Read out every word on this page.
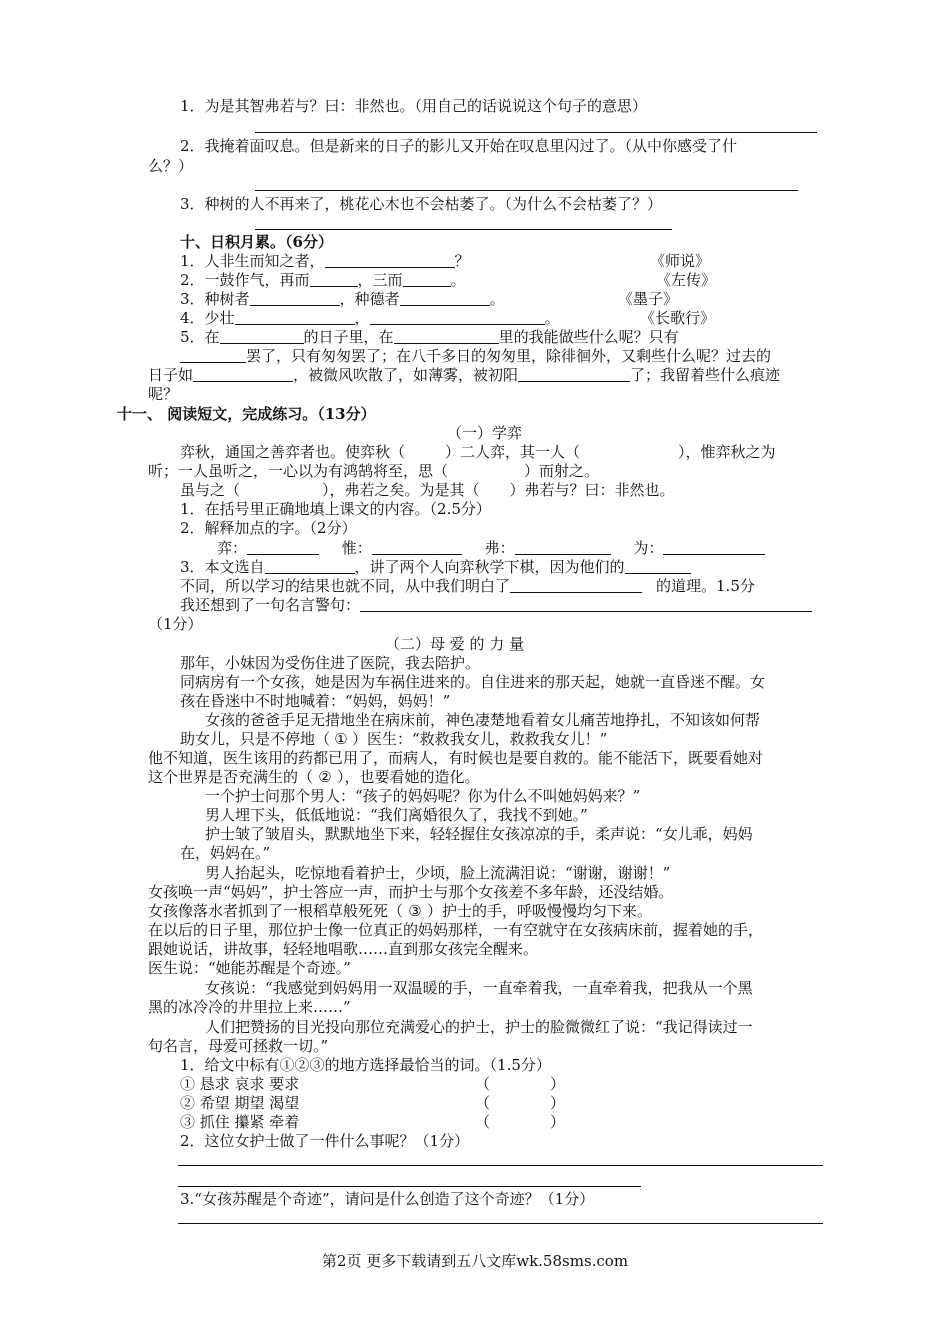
1．为是其智弗若与？曰：非然也。（用自己的话说说这个句子的意思）
2．我掩着面叹息。但是新来的日子的影儿又开始在叹息里闪过了。（从中你感受了什
么？）
3．种树的人不再来了，桃花心木也不会枯萎了。（为什么不会枯萎了？）
十、日积月累。（6分）
1．人非生而知之者，	？	《师说》
2．一鼓作气，再而	，三而	。	《左传》
3．种树者	，种德者	。	《墨子》
4．少壮	，	。	《长歌行》
5．在	的日子里，在	里的我能做些什么呢？只有
罢了，只有匆匆罢了；在八千多日的匆匆里，除徘徊外，又剩些什么呢？过去的
日子如	，被微风吹散了，如薄雾，被初阳	了；我留着些什么痕迹
呢？
十一、 阅读短文，完成练习。（13分）
（一）学弈
弈秋，通国之善弈者也。使弈秋（	）二人弈，其一人（	），惟弈秋之为
听；一人虽听之，一心以为有鸿鹄将至，思（	）而射之。
虽与之（	），弗若之矣。为是其（ ）弗若与？曰：非然也。
1．在括号里正确地填上课文的内容。（2.5分）
2．解释加点的字。（2分）
弈：	惟：	弗：	为：
3．本文选自	，讲了两个人向弈秋学下棋，因为他们的
不同，所以学习的结果也就不同，从中我们明白了	的道理。1.5分
我还想到了一句名言警句：
（1分）
（二）母 爱 的 力 量
那年，小妹因为受伤住进了医院，我去陪护。
同病房有一个女孩，她是因为车祸住进来的。自住进来的那天起，她就一直昏迷不醒。女
孩在昏迷中不时地喊着：“妈妈，妈妈！”
女孩的爸爸手足无措地坐在病床前，神色凄楚地看着女儿痛苦地挣扎，不知该如何帮
助女儿，只是不停地（ ① ）医生：“救救我女儿，救救我女儿！”
他不知道，医生该用的药都已用了，而病人，有时候也是要自救的。能不能活下，既要看她对
这个世界是否充满生的（ ② ），也要看她的造化。
一个护士问那个男人：“孩子的妈妈呢？你为什么不叫她妈妈来？”
男人埋下头，低低地说：“我们离婚很久了，我找不到她。”
护士皱了皱眉头，默默地坐下来，轻轻握住女孩凉凉的手，柔声说：“女儿乖，妈妈
在，妈妈在。”
男人抬起头，吃惊地看着护士，少顷，脸上流满泪说：“谢谢，谢谢！”
女孩唤一声“妈妈”，护士答应一声，而护士与那个女孩差不多年龄，还没结婚。
女孩像落水者抓到了一根稻草般死死（ ③ ）护士的手，呼吸慢慢均匀下来。
在以后的日子里，那位护士像一位真正的妈妈那样，一有空就守在女孩病床前，握着她的手，
跟她说话，讲故事，轻轻地唱歌……直到那女孩完全醒来。
医生说：“她能苏醒是个奇迹。”
女孩说：“我感觉到妈妈用一双温暖的手，一直牵着我，一直牵着我，把我从一个黑
黑的冰冷冷的井里拉上来……”
人们把赞扬的目光投向那位充满爱心的护士，护士的脸微微红了说：“我记得读过一
句名言，母爱可拯救一切。”
1．给文中标有①②③的地方选择最恰当的词。（1.5分）
① 恳求 哀求 要求	（	）
② 希望 期望 渴望	（	）
③ 抓住 攥紧 牵着	（	）
2．这位女护士做了一件什么事呢？（1分）
3.“女孩苏醒是个奇迹”，请问是什么创造了这个奇迹？（1分）
第2页 更多下载请到五八文库wk.58sms.com
